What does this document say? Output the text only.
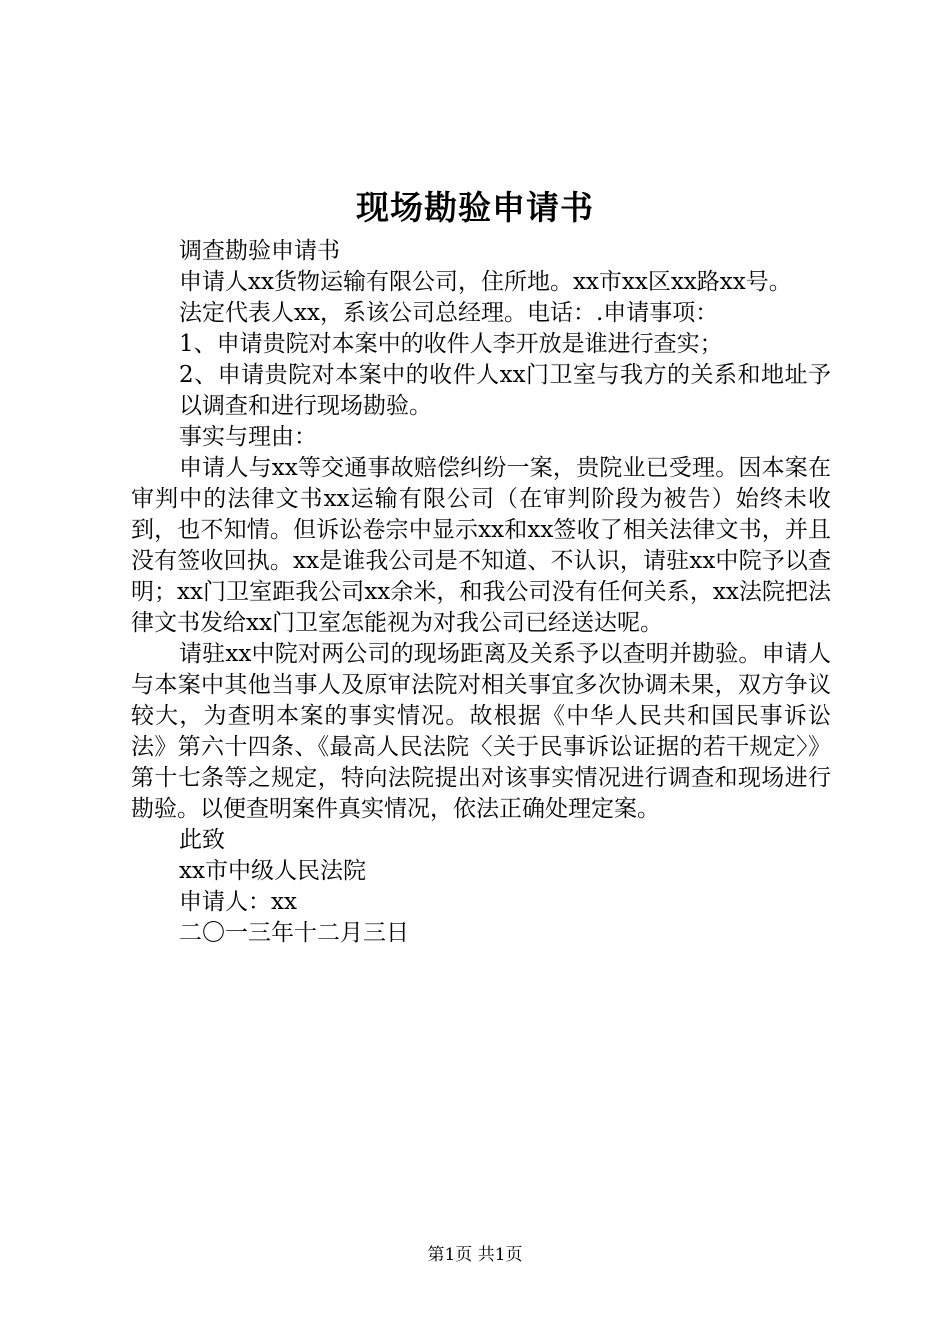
现场勘验申请书

调查勘验申请书

申请人xx货物运输有限公司，住所地。xx市xx区xx路xx号。

法定代表人xx，系该公司总经理。电话：.申请事项：

1、申请贵院对本案中的收件人李开放是谁进行查实；

2、申请贵院对本案中的收件人xx门卫室与我方的关系和地址予以调查和进行现场勘验。

事实与理由：

申请人与xx等交通事故赔偿纠纷一案，贵院业已受理。因本案在审判中的法律文书xx运输有限公司（在审判阶段为被告）始终未收到，也不知情。但诉讼卷宗中显示xx和xx签收了相关法律文书，并且没有签收回执。xx是谁我公司是不知道、不认识，请驻xx中院予以查明；xx门卫室距我公司xx余米，和我公司没有任何关系，xx法院把法律文书发给xx门卫室怎能视为对我公司已经送达呢。

请驻xx中院对两公司的现场距离及关系予以查明并勘验。申请人与本案中其他当事人及原审法院对相关事宜多次协调未果，双方争议较大，为查明本案的事实情况。故根据《中华人民共和国民事诉讼法》第六十四条、《最高人民法院〈关于民事诉讼证据的若干规定〉》第十七条等之规定，特向法院提出对该事实情况进行调查和现场进行勘验。以便查明案件真实情况，依法正确处理定案。

此致

xx市中级人民法院

申请人：xx

二〇一三年十二月三日

第1页 共1页
